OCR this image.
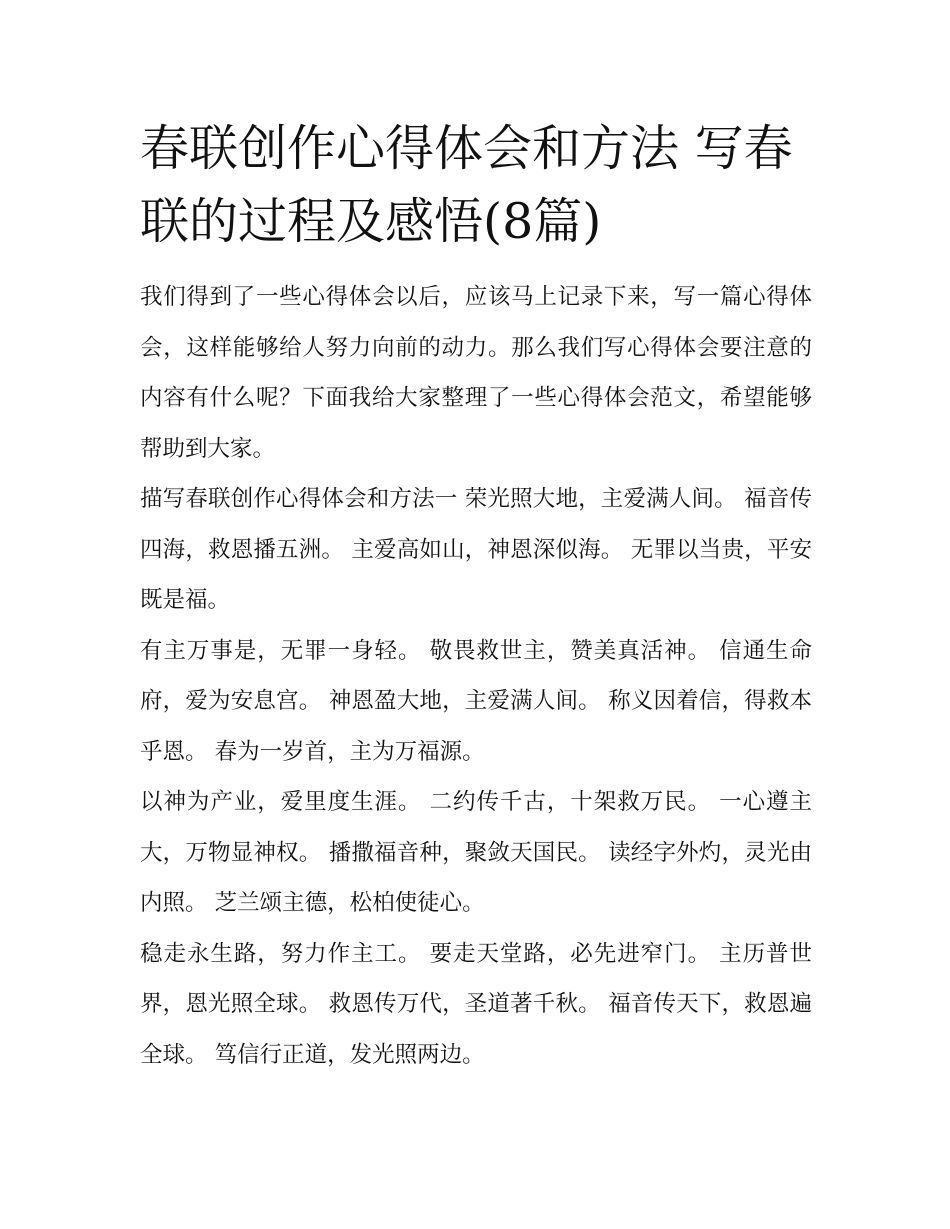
春联创作心得体会和方法 写春联的过程及感悟(8篇)

我们得到了一些心得体会以后，应该马上记录下来，写一篇心得体会，这样能够给人努力向前的动力。那么我们写心得体会要注意的内容有什么呢？下面我给大家整理了一些心得体会范文，希望能够帮助到大家。

描写春联创作心得体会和方法一 荣光照大地，主爱满人间。 福音传四海，救恩播五洲。 主爱高如山，神恩深似海。 无罪以当贵，平安既是福。

有主万事是，无罪一身轻。 敬畏救世主，赞美真活神。 信通生命府，爱为安息宫。 神恩盈大地，主爱满人间。 称义因着信，得救本乎恩。 春为一岁首，主为万福源。

以神为产业，爱里度生涯。 二约传千古，十架救万民。 一心遵主大，万物显神权。 播撒福音种，聚敛天国民。 读经字外灼，灵光由内照。 芝兰颂主德，松柏使徒心。

稳走永生路，努力作主工。 要走天堂路，必先进窄门。 主历普世界，恩光照全球。 救恩传万代，圣道著千秋。 福音传天下，救恩遍全球。 笃信行正道，发光照两边。
